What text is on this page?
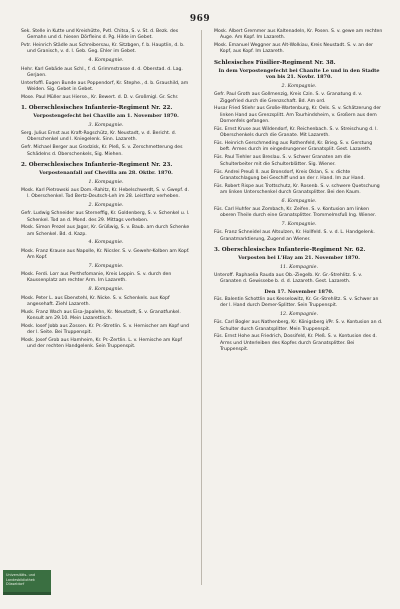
969
Sek. Stelle in Kutte und Kreishütte, Pvtl. Chitsa, S. v. St. d. Bezk. des Gemahn und d. hiesen Dörfleins d. Pg. Hilde im Gebet.
Pvtr. Heinrich Städle aus Schreibersau, Kr. Sitzbgen, f. b. Hauptlin, d. b. und Granisch, v. d. l. Geb. Geg. Ehler im Gebet.
4. Kompagnie.
Hehr. Karl Gebäde aus Schl., f. d. Grimmstrasse d. d. Oberstad. d. Lag. Gerjaen.
Unterfoffl. Eugen Bunde aus Poppendorf, Kr. Stephe., d. b. Graushild, am Weiden. Sig. Gebet in Gebet.
Mose. Paul Müller aus Hierse., Kr. Bewert. d. D. v. Großmigl. Gr. Schr.
1. Oberschlesisches Infanterie-Regiment Nr. 22.
Vorpostengefecht bei Chaville am 1. November 1870.
3. Kompagnie.
Serg. Julius Ernst aus Kraft-Rogschütz, Kr. Neustadt, v. d. Bericht. d. Oberschenkel und l. Kniegelenk. Sinn. Lazareth.
Gefr. Michael Berger aus Grodzisk, Kr. Pleß, S. v. Zerschmetterung des Schädelns d. Oberschenkels, Sig. Miehen.
2. Oberschlesisches Infanterie-Regiment Nr. 23.
Vorpostenanfall auf Chevilla am 28. Oktbr. 1870.
1. Kompagnie.
Mosk. Karl Pietrowski aus Dom.-Rahitz, Kr. Hebelschwerdt, S. v. Gwepf. d. l. Oberschenkel. Tod Bertz-Deutsch-Leh im 28. Leistfanz verheben.
2. Kompagnie.
Gefr. Ludwig Schneider aus Sterneffig, Kr. Goldenberg, S. v. Schenkel u. l. Schenkel. Tod an d. Mond. des 29. Mittags verheben.
Mosk. Simon Prezel aus Jagor, Kr. Grüßwig, S. v. Baub. am durch Schenke am Schenkel. Bd. d. Kazp.
4. Kompagnie.
Mosk. Franz Krause aus Napolle, Kr. Nicsler. S. v. Gewehr-Kolben am Kopf. Am Kopf.
7. Kompagnie.
Mosk. Ferdi. Lorr aus Perthsfomanie, Kreis Leppin. S. v. durch den Kaussenplatz am rechter Arm. Im Lazareth.
8. Kompagnie.
Mosk. Peter L. aus Ebenstehl, Kr. Nicke. S. v. Schenkels. aus Kopf angesehaft. Ziehl Lazareth.
Musk. Franz Wach aus Eisa-Japalehn, Kr. Neustadt, S. v. Granatfunkel. Konsult am 29.10. Mein Lazarettisch.
Mosk. Iosef Jobb aus Zossen. Kr. Pr.-Stretlin. S. v. Hemischer am Kopf und der l. Seite. Bei Truppenspit.
Mosk. Josef Grob aus Hamheim, Kr. Pr.-Zertlin. L. v. Hemische am Kopf und der rechten Handgelenk. Sein Truppenspit.
Mosk. Albert Gremmer aus Kaltenadeln, Kr. Posen. S. v. gewe am rechten Auge. Am Kopf. Im Lazareth.
Mosk. Emanuel Weggner aus Alt-Wolkiau, Kreis Neustadt. S. v. an der Kopf, aus Kopf. Im Lazareth.
Schlesisches Füsilier-Regiment Nr. 38.
In dem Vorpostengefecht bei Chanite Le und in den Stadte von bis 21. Novbr. 1870.
2. Kompagnie.
Gefr. Paul Groth aus Gollmenzig, Kreis Czin. S. v. Granatung d. v. Ziggefried durch die Grenzschaft. Bd. Am ord.
Husar Fried Stiehr aus Große-Wartenburg, Kr. Oels. S. v. Schätzerung der linken Hand aus Grenzsplitt. Am Tourhindsheim, v. Großern aus dem Dornenfels gefangen.
Füs. Ernst Kruse aus Wildendorf, Kr. Reichenbach. S. v. Streischung d. l. Oberschenkels durch die Granate. Mit Lazareth.
Füs. Heinrich Gerschmeding aus Rothenfeld, Kr. Brieg. S. v. Gerstung beft. Armes durch im eingedrungener Granatsplit. Gest. Lazareth.
Füs. Paul Tiehler aus Breslau. S. v. Schwer Granaten am die Schulterbeiter mit die Schulterblätter. Sig. Wiener.
Füs. Andrei Preuß II. aus Bronsdorf, Kreis Oklan, S. v. dichte Granatschlagung bei Geschiff und an der r. Hand. Im zur Hand.
Füs. Robert Rispe aus Trottschutz, Kr. Rosenb. S. v. schwere Quetschung am linken Unterschenkel durch Granatsplitter. Bei den Kaum.
6. Kompagnie.
Füs. Carl Huhfer aus Zombach, Kr. Zeifen. S. v. Kontusion am linken oberen Theile durch eine Granatsplitter. Trommelmsfuß Ing. Wiener.
7. Kompagnie.
Füs. Franz Schneidel aus Altsulzen, Kr. Hollfeld. S. v. d. L. Handgelenk. Granatmarktierung, Zugend an Wiener.
3. Oberschlesisches Infanterie-Regiment Nr. 62.
Vorposten bei L'Hay am 21. November 1870.
11. Kompagnie.
Unteroff. Raphaelia Rauda aus Ob.-Ziegelb. Kr. Gr.-Strehlitz. S. v. Granaten d. Gewissebe b. d. d. Lazareth. Gest. Lazareth.
Den 17. November 1870.
Füs. Balentin Schottlin aus Kesselowitz, Kr. Gr.-Strehlitz. S. v. Schwer an der l. Hand durch Demer-Splitter. Sein Truppenspit.
12. Kompagnie.
Füs. Carl Bogler aus Nathenberg, Kr. Königsberg i/Pr. S. v. Kontusion an d. Schulter durch Granatsplitter. Mein Truppenspit.
Füs. Ernst Hohe aus Friedrich, Dossifeld, Kr. Pleß. S. v. Kontusion des d. Arms und Unterleiben des Kopfes durch Granatsplitter. Bei Truppenspit.
Universitäts- und
Landesbibliothek
Düsseldorf
